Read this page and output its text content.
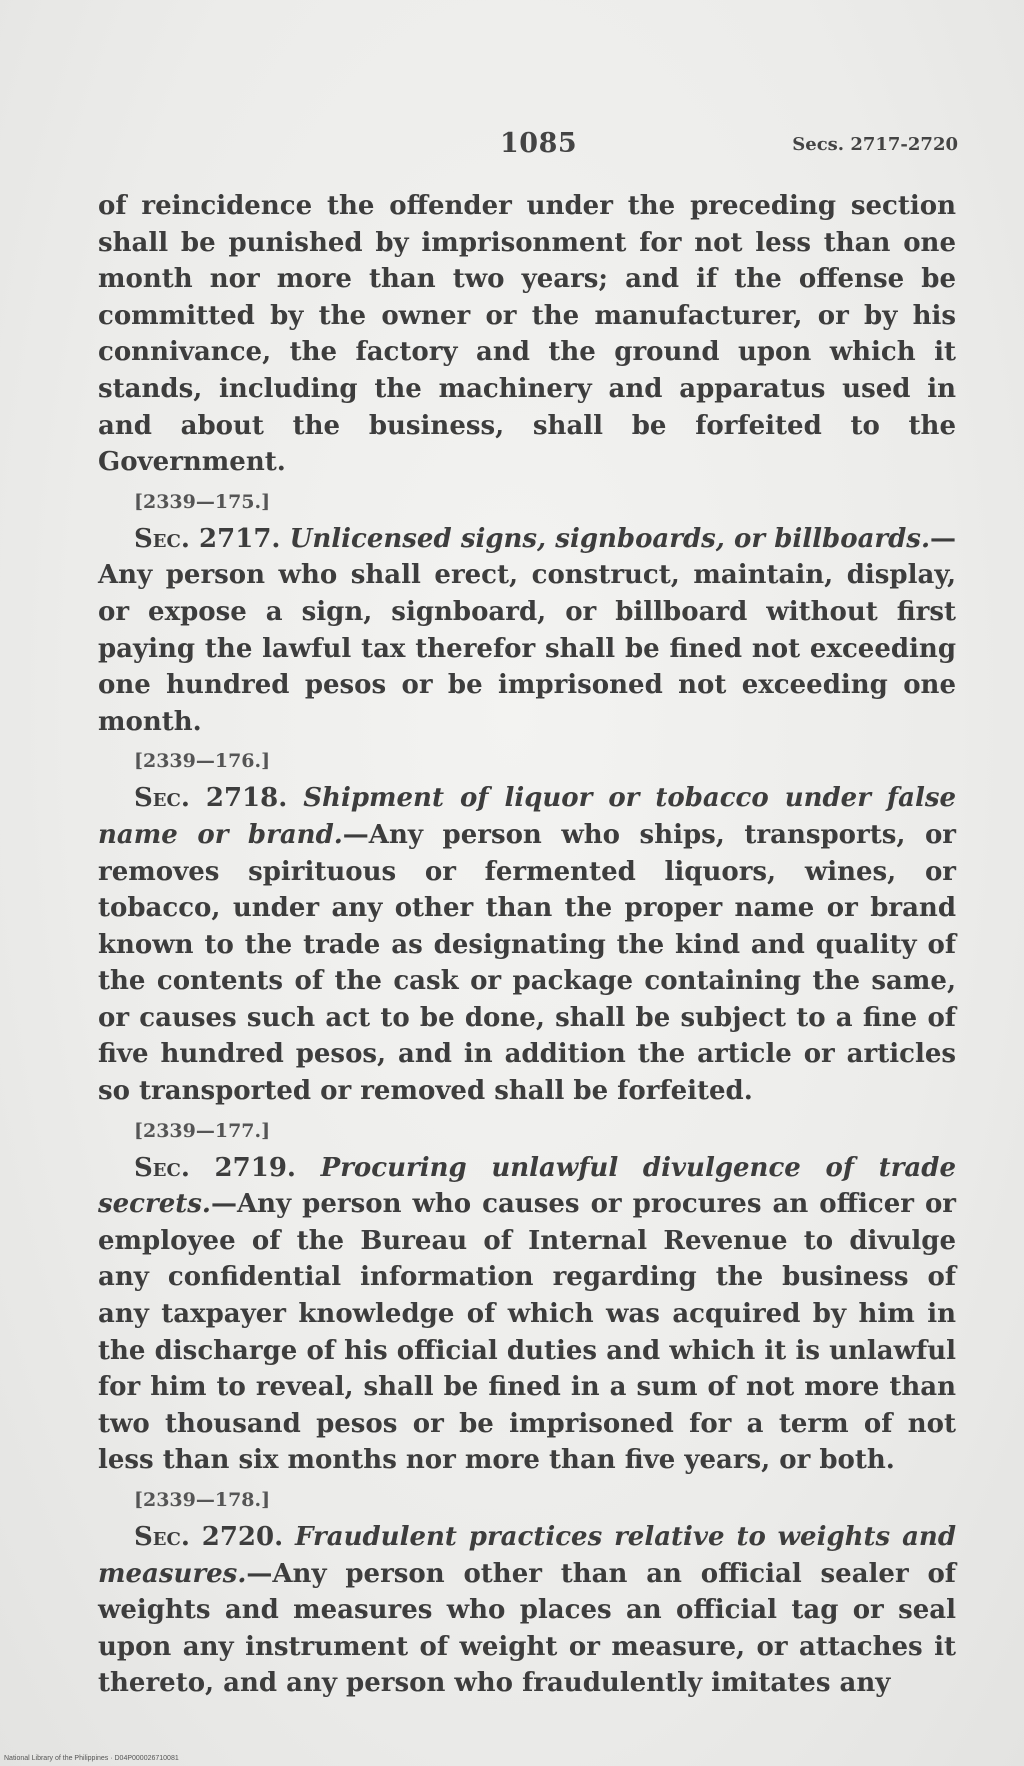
1085	Secs. 2717-2720

of reincidence the offender under the preceding section shall be punished by imprisonment for not less than one month nor more than two years; and if the offense be committed by the owner or the manufacturer, or by his connivance, the factory and the ground upon which it stands, including the machinery and apparatus used in and about the business, shall be forfeited to the Government.

[2339—175.]

Sec. 2717. Unlicensed signs, signboards, or billboards.—Any person who shall erect, construct, maintain, display, or expose a sign, signboard, or billboard without first paying the lawful tax therefor shall be fined not exceeding one hundred pesos or be imprisoned not exceeding one month.

[2339—176.]

Sec. 2718. Shipment of liquor or tobacco under false name or brand.—Any person who ships, transports, or removes spirituous or fermented liquors, wines, or tobacco, under any other than the proper name or brand known to the trade as designating the kind and quality of the contents of the cask or package containing the same, or causes such act to be done, shall be subject to a fine of five hundred pesos, and in addition the article or articles so transported or removed shall be forfeited.

[2339—177.]

Sec. 2719. Procuring unlawful divulgence of trade secrets.—Any person who causes or procures an officer or employee of the Bureau of Internal Revenue to divulge any confidential information regarding the business of any taxpayer knowledge of which was acquired by him in the discharge of his official duties and which it is unlawful for him to reveal, shall be fined in a sum of not more than two thousand pesos or be imprisoned for a term of not less than six months nor more than five years, or both.

[2339—178.]

Sec. 2720. Fraudulent practices relative to weights and measures.—Any person other than an official sealer of weights and measures who places an official tag or seal upon any instrument of weight or measure, or attaches it thereto, and any person who fraudulently imitates any

National Library of the Philippines · D04P000026710081
